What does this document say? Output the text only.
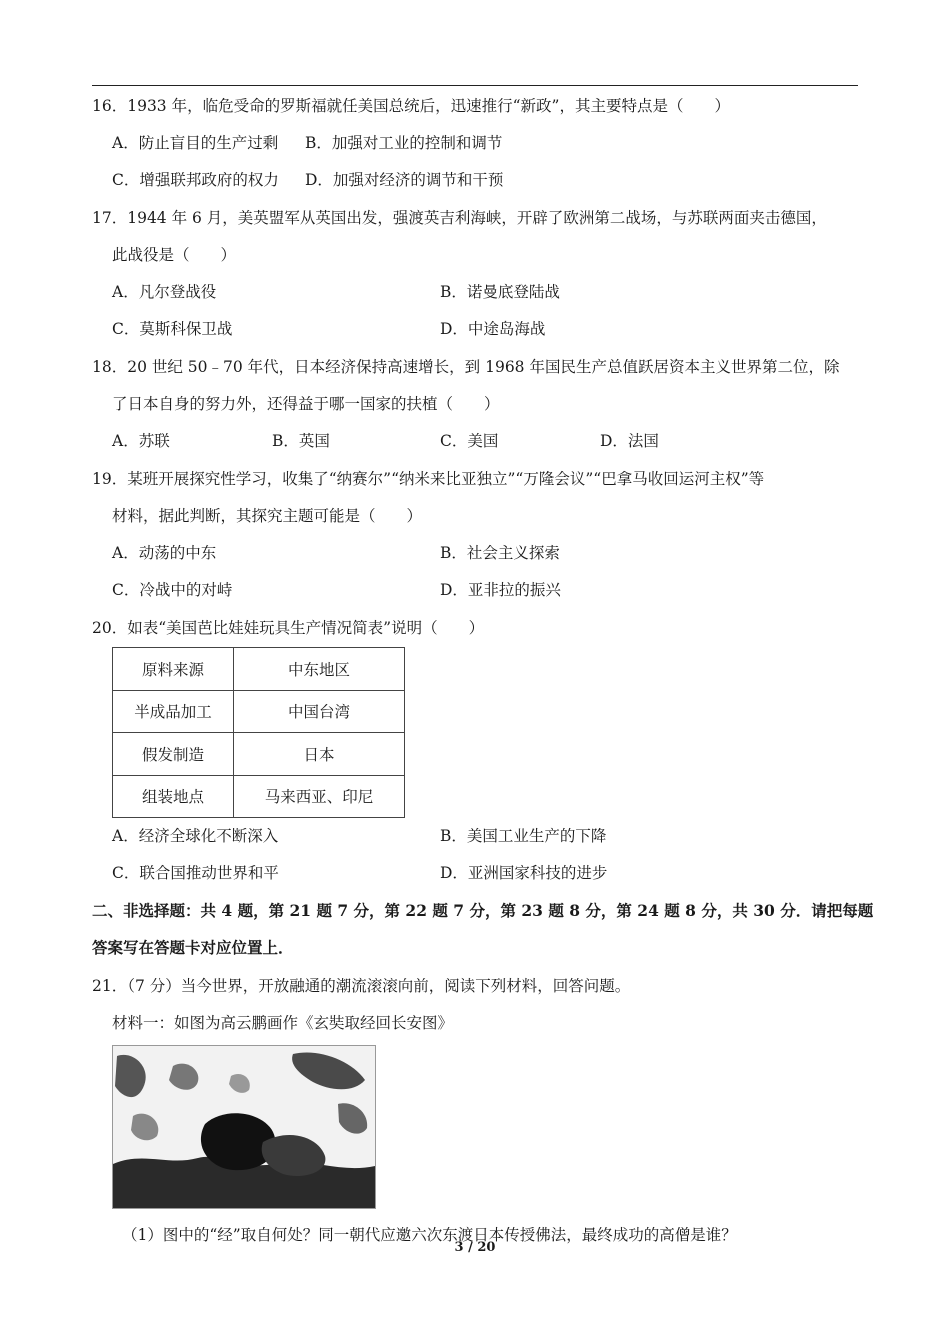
16．1933 年，临危受命的罗斯福就任美国总统后，迅速推行“新政”，其主要特点是（　　）
A．防止盲目的生产过剩 B．加强对工业的控制和调节
C．增强联邦政府的权力 D．加强对经济的调节和干预
17．1944 年 6 月，美英盟军从英国出发，强渡英吉利海峡，开辟了欧洲第二战场，与苏联两面夹击德国，
此战役是（　　）
A．凡尔登战役	B．诺曼底登陆战
C．莫斯科保卫战	D．中途岛海战
18．20 世纪 50﹣70 年代，日本经济保持高速增长，到 1968 年国民生产总值跃居资本主义世界第二位，除
了日本自身的努力外，还得益于哪一国家的扶植（　　）
A．苏联	B．英国	C．美国	D．法国
19．某班开展探究性学习，收集了“纳赛尔”“纳米来比亚独立”“万隆会议”“巴拿马收回运河主权”等
材料，据此判断，其探究主题可能是（　　）
A．动荡的中东	B．社会主义探索
C．冷战中的对峙	D．亚非拉的振兴
20．如表“美国芭比娃娃玩具生产情况简表”说明（　　）
原料来源	中东地区
半成品加工	中国台湾
假发制造	日本
组装地点	马来西亚、印尼
A．经济全球化不断深入	B．美国工业生产的下降
C．联合国推动世界和平	D．亚洲国家科技的进步
二、非选择题：共 4 题，第 21 题 7 分，第 22 题 7 分，第 23 题 8 分，第 24 题 8 分，共 30 分．请把每题
答案写在答题卡对应位置上．
21．（7 分）当今世界，开放融通的潮流滚滚向前，阅读下列材料，回答问题。
材料一：如图为高云鹏画作《玄奘取经回长安图》
（1）图中的“经”取自何处？同一朝代应邀六次东渡日本传授佛法，最终成功的高僧是谁？
3 / 20
